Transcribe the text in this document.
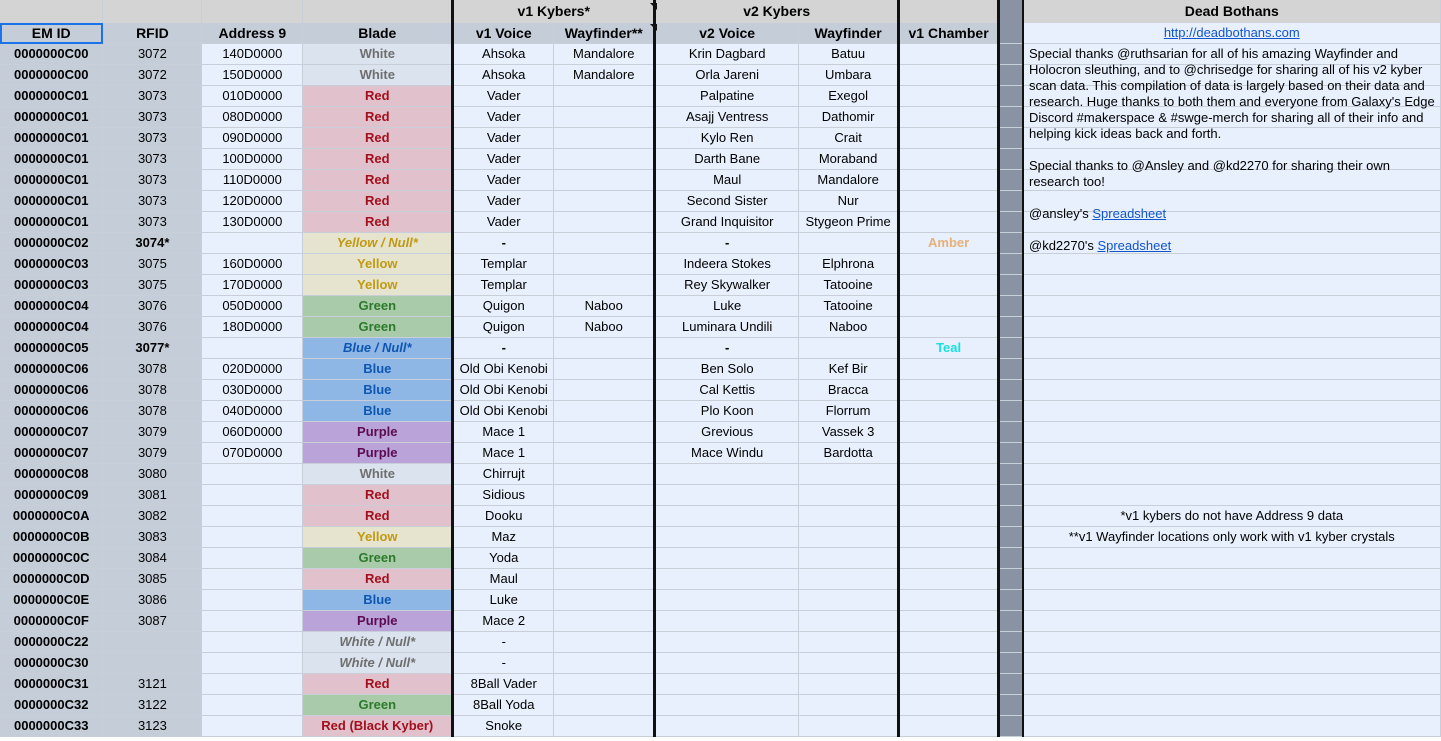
				v1 Kybers*		v2 Kybers				Dead Bothans
EM ID	RFID	Address 9	Blade	v1 Voice	Wayfinder**	v2 Voice	Wayfinder	v1 Chamber		http://deadbothans.com
0000000C00	3072	140D0000	White	Ahsoka	Mandalore	Krin Dagbard	Batuu			
0000000C00	3072	150D0000	White	Ahsoka	Mandalore	Orla Jareni	Umbara			
0000000C01	3073	010D0000	Red	Vader		Palpatine	Exegol			
0000000C01	3073	080D0000	Red	Vader		Asajj Ventress	Dathomir			
0000000C01	3073	090D0000	Red	Vader		Kylo Ren	Crait			
0000000C01	3073	100D0000	Red	Vader		Darth Bane	Moraband			
0000000C01	3073	110D0000	Red	Vader		Maul	Mandalore			
0000000C01	3073	120D0000	Red	Vader		Second Sister	Nur			
0000000C01	3073	130D0000	Red	Vader		Grand Inquisitor	Stygeon Prime			
0000000C02	3074*		Yellow / Null*	-		-		Amber		
0000000C03	3075	160D0000	Yellow	Templar		Indeera Stokes	Elphrona			
0000000C03	3075	170D0000	Yellow	Templar		Rey Skywalker	Tatooine			
0000000C04	3076	050D0000	Green	Quigon	Naboo	Luke	Tatooine			
0000000C04	3076	180D0000	Green	Quigon	Naboo	Luminara Undili	Naboo			
0000000C05	3077*		Blue / Null*	-		-		Teal		
0000000C06	3078	020D0000	Blue	Old Obi Kenobi		Ben Solo	Kef Bir			
0000000C06	3078	030D0000	Blue	Old Obi Kenobi		Cal Kettis	Bracca			
0000000C06	3078	040D0000	Blue	Old Obi Kenobi		Plo Koon	Florrum			
0000000C07	3079	060D0000	Purple	Mace 1		Grevious	Vassek 3			
0000000C07	3079	070D0000	Purple	Mace 1		Mace Windu	Bardotta			
0000000C08	3080		White	Chirrujt						
0000000C09	3081		Red	Sidious						
0000000C0A	3082		Red	Dooku						*v1 kybers do not have Address 9 data
0000000C0B	3083		Yellow	Maz						**v1 Wayfinder locations only work with v1 kyber crystals
0000000C0C	3084		Green	Yoda						
0000000C0D	3085		Red	Maul						
0000000C0E	3086		Blue	Luke						
0000000C0F	3087		Purple	Mace 2						
0000000C22			White / Null*	-						
0000000C30			White / Null*	-						
0000000C31	3121		Red	8Ball Vader						
0000000C32	3122		Green	8Ball Yoda						
0000000C33	3123		Red (Black Kyber)	Snoke						

Special thanks @ruthsarian for all of his amazing Wayfinder and Holocron sleuthing, and to @chrisedge for sharing all of his v2 kyber scan data. This compilation of data is largely based on their data and research. Huge thanks to both them and everyone from Galaxy's Edge Discord #makerspace & #swge-merch for sharing all of their info and helping kick ideas back and forth.

Special thanks to @Ansley and @kd2270 for sharing their own research too!

@ansley's Spreadsheet

@kd2270's Spreadsheet
